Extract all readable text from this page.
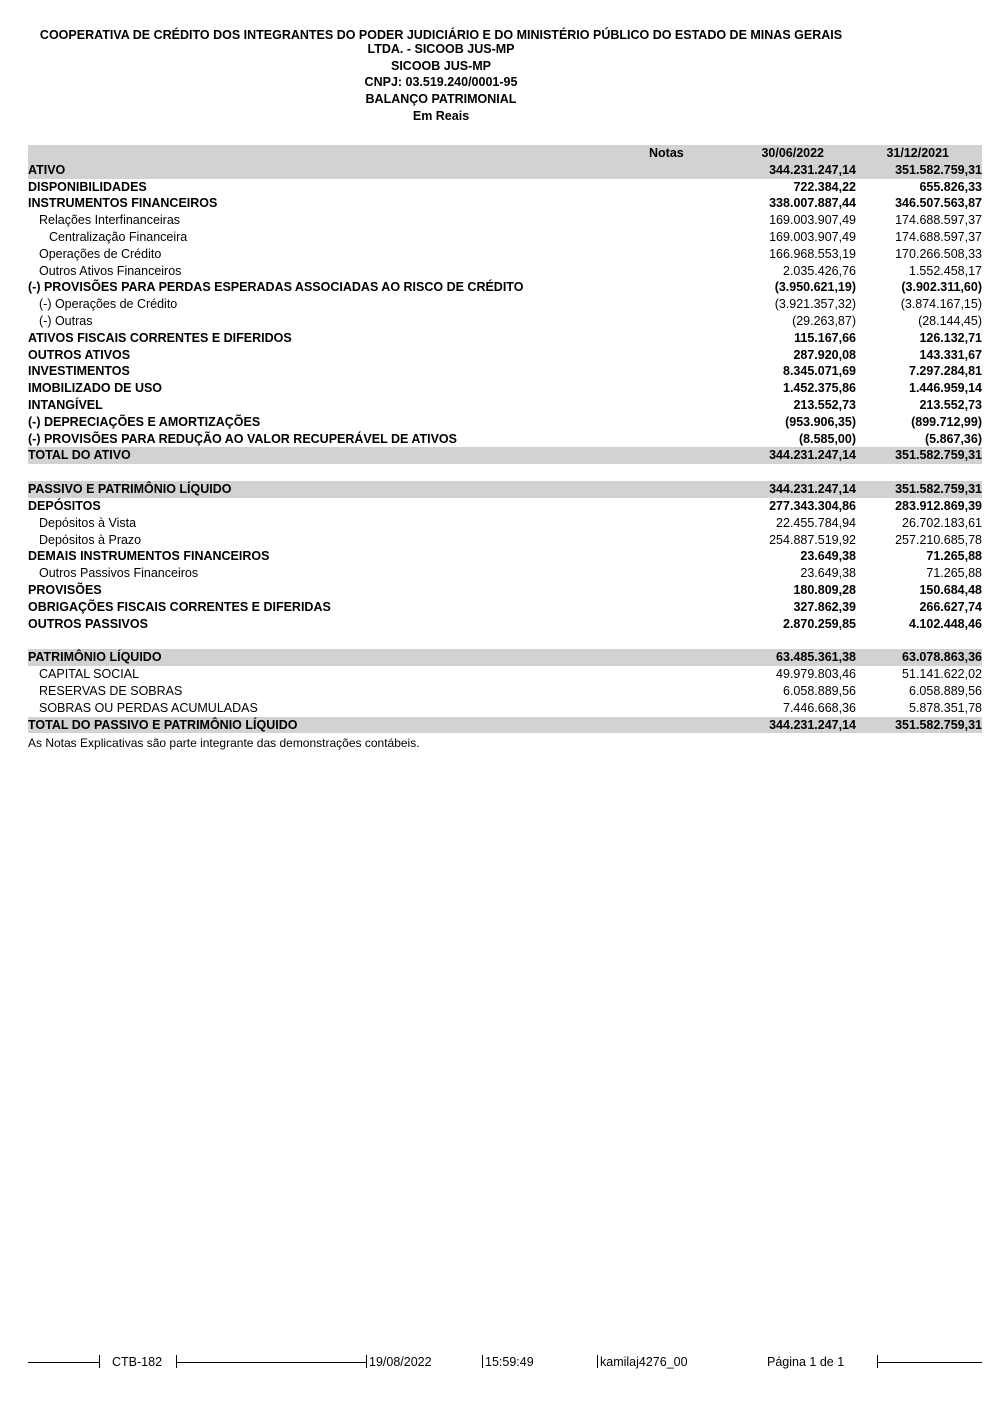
COOPERATIVA DE CRÉDITO DOS INTEGRANTES DO PODER JUDICIÁRIO E DO MINISTÉRIO PÚBLICO DO ESTADO DE MINAS GERAIS
LTDA. - SICOOB JUS-MP
SICOOB JUS-MP
CNPJ: 03.519.240/0001-95
BALANÇO PATRIMONIAL
Em Reais
Notas	30/06/2022	31/12/2021
ATIVO	344.231.247,14	351.582.759,31
DISPONIBILIDADES	722.384,22	655.826,33
INSTRUMENTOS FINANCEIROS	338.007.887,44	346.507.563,87
Relações Interfinanceiras	169.003.907,49	174.688.597,37
Centralização Financeira	169.003.907,49	174.688.597,37
Operações de Crédito	166.968.553,19	170.266.508,33
Outros Ativos Financeiros	2.035.426,76	1.552.458,17
(-) PROVISÕES PARA PERDAS ESPERADAS ASSOCIADAS AO RISCO DE CRÉDITO	(3.950.621,19)	(3.902.311,60)
(-) Operações de Crédito	(3.921.357,32)	(3.874.167,15)
(-) Outras	(29.263,87)	(28.144,45)
ATIVOS FISCAIS CORRENTES E DIFERIDOS	115.167,66	126.132,71
OUTROS ATIVOS	287.920,08	143.331,67
INVESTIMENTOS	8.345.071,69	7.297.284,81
IMOBILIZADO DE USO	1.452.375,86	1.446.959,14
INTANGÍVEL	213.552,73	213.552,73
(-) DEPRECIAÇÕES E AMORTIZAÇÕES	(953.906,35)	(899.712,99)
(-) PROVISÕES PARA REDUÇÃO AO VALOR RECUPERÁVEL DE ATIVOS	(8.585,00)	(5.867,36)
TOTAL DO ATIVO	344.231.247,14	351.582.759,31
PASSIVO E PATRIMÔNIO LÍQUIDO	344.231.247,14	351.582.759,31
DEPÓSITOS	277.343.304,86	283.912.869,39
Depósitos à Vista	22.455.784,94	26.702.183,61
Depósitos à Prazo	254.887.519,92	257.210.685,78
DEMAIS INSTRUMENTOS FINANCEIROS	23.649,38	71.265,88
Outros Passivos Financeiros	23.649,38	71.265,88
PROVISÕES	180.809,28	150.684,48
OBRIGAÇÕES FISCAIS CORRENTES E DIFERIDAS	327.862,39	266.627,74
OUTROS PASSIVOS	2.870.259,85	4.102.448,46
PATRIMÔNIO LÍQUIDO	63.485.361,38	63.078.863,36
CAPITAL SOCIAL	49.979.803,46	51.141.622,02
RESERVAS DE SOBRAS	6.058.889,56	6.058.889,56
SOBRAS OU PERDAS ACUMULADAS	7.446.668,36	5.878.351,78
TOTAL DO PASSIVO E PATRIMÔNIO LÍQUIDO	344.231.247,14	351.582.759,31
As Notas Explicativas são parte integrante das demonstrações contábeis.
CTB-182	19/08/2022	15:59:49	kamilaj4276_00	Página 1 de 1
